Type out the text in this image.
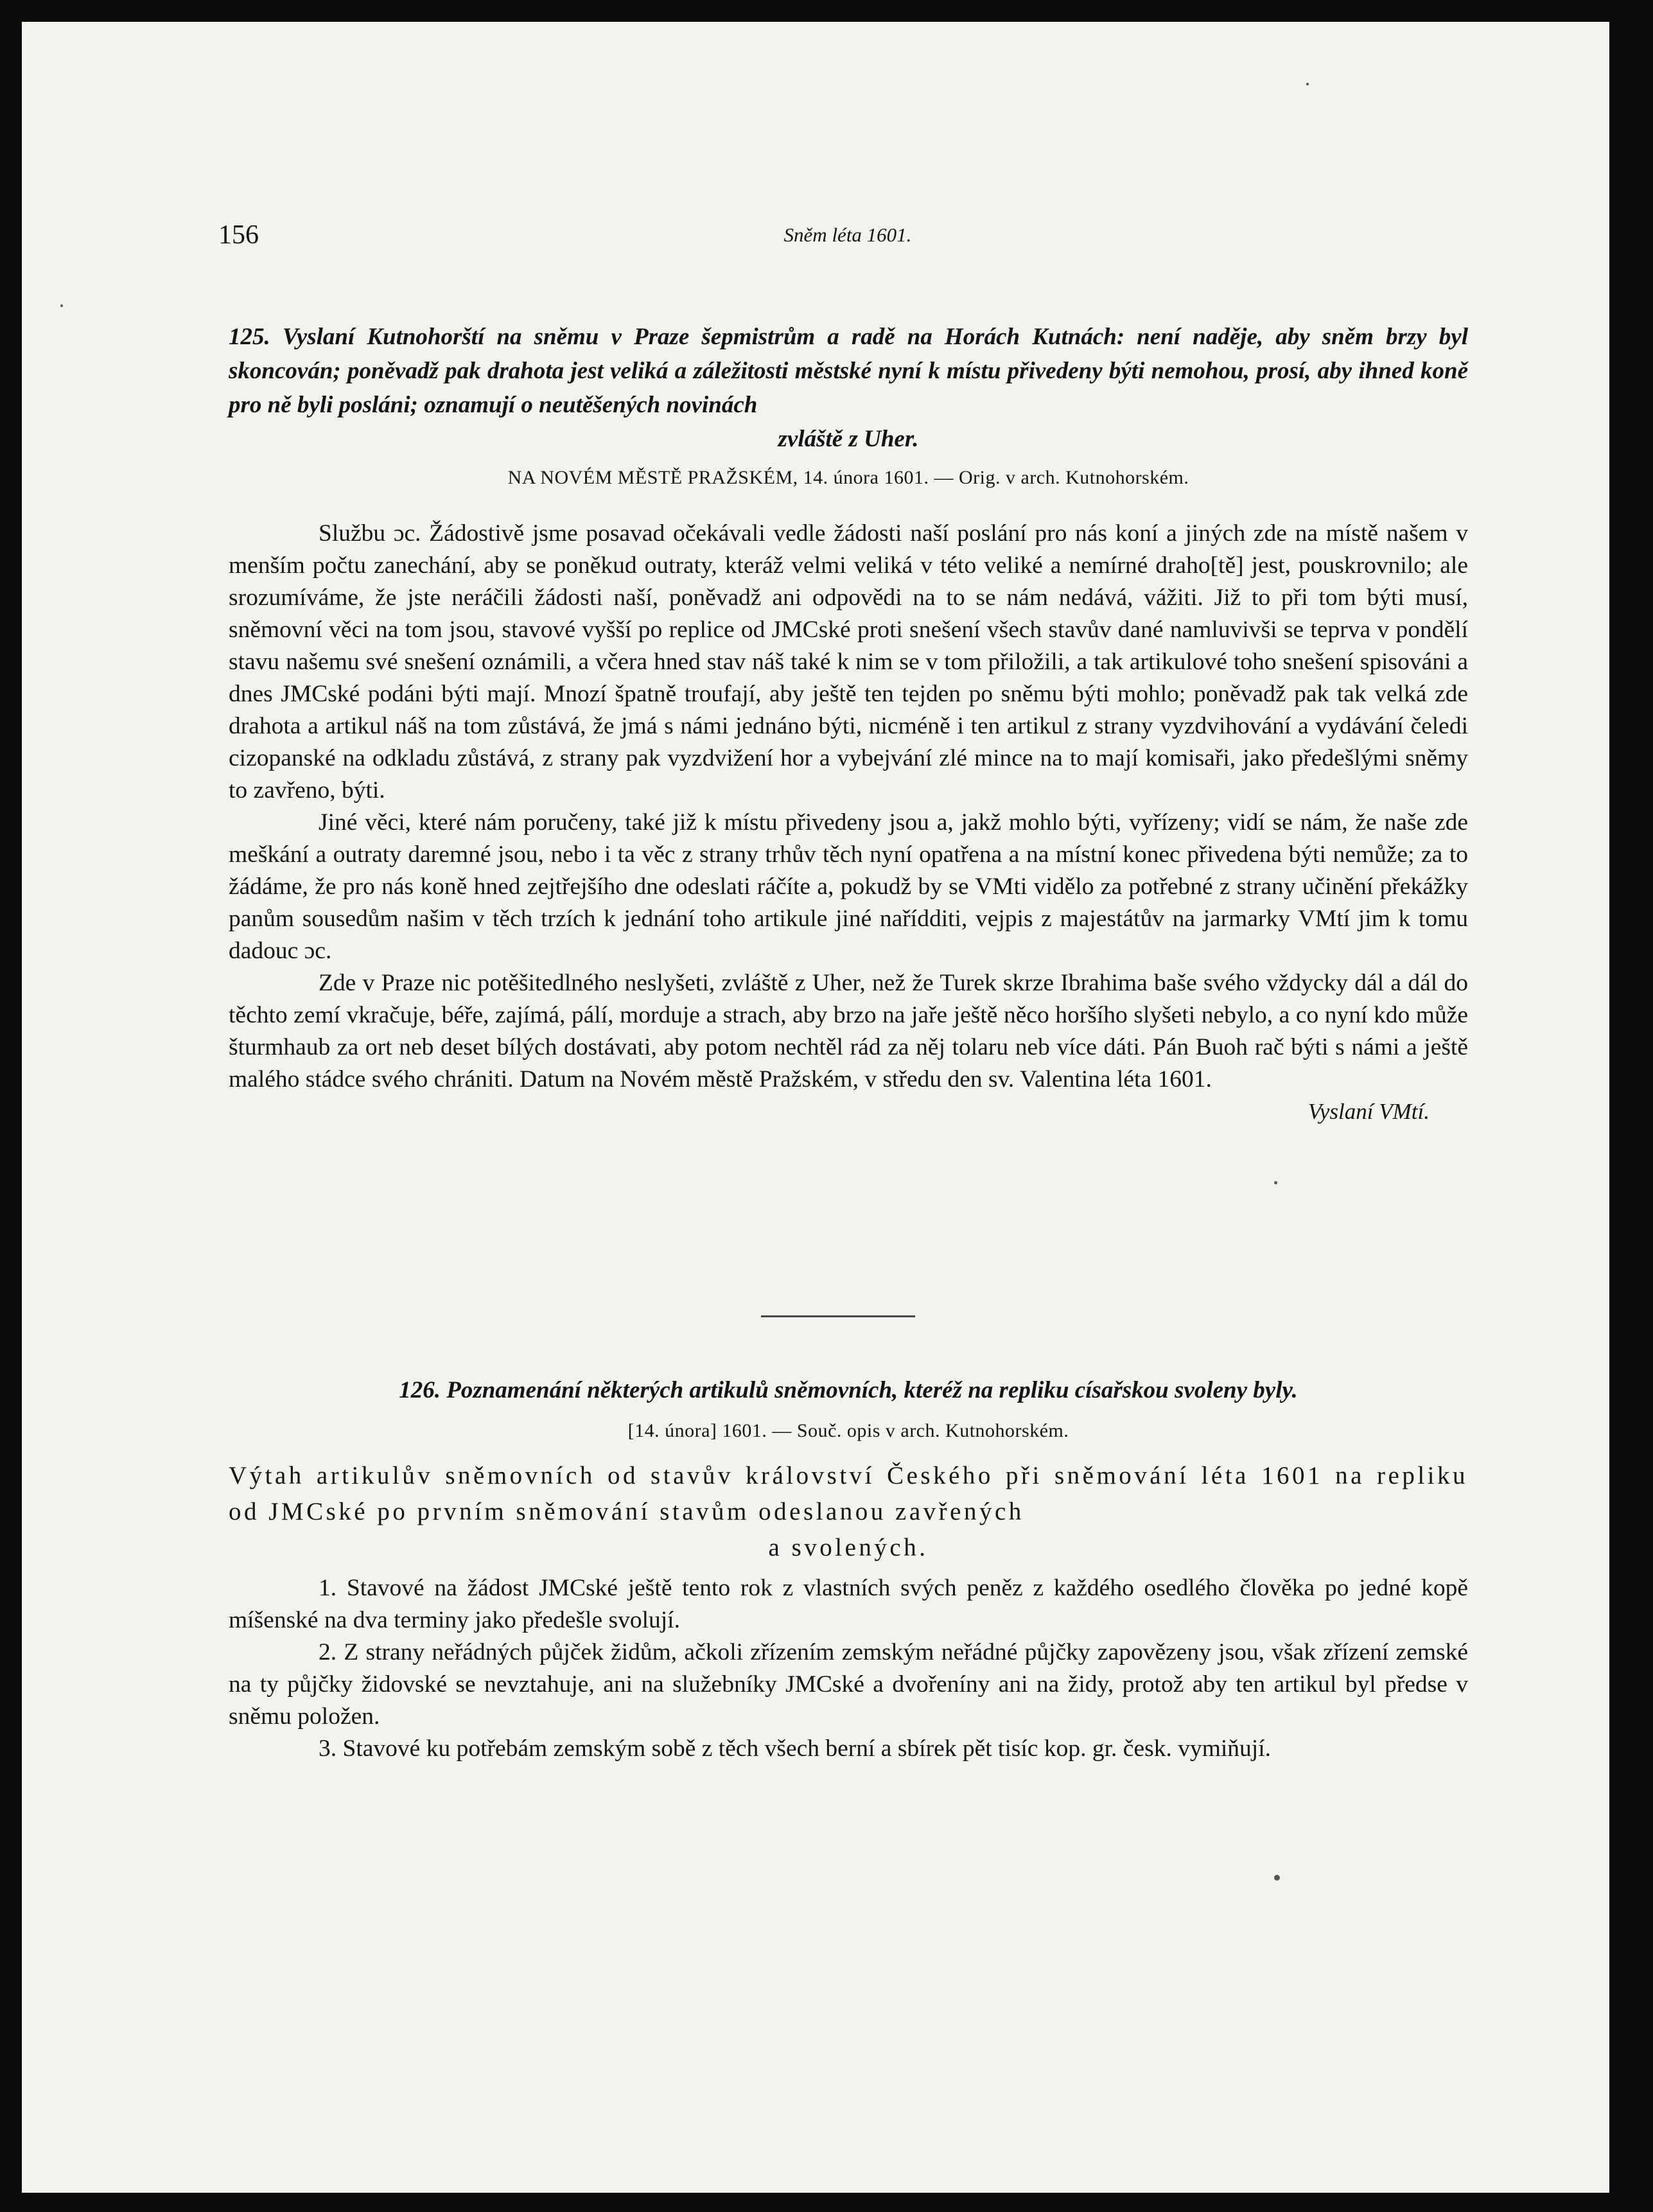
156	Sněm léta 1601.
125. Vyslaní Kutnohorští na sněmu v Praze šepmistrům a radě na Horách Kutnách: není naděje, aby sněm brzy byl skoncován; poněvadž pak drahota jest veliká a záležitosti městské nyní k místu přivedeny býti nemohou, prosí, aby ihned koně pro ně byli posláni; oznamují o neutěšených novinách
zvláště z Uher.
NA NOVÉM MĚSTĚ PRAŽSKÉM, 14. února 1601. — Orig. v arch. Kutnohorském.

Službu ɔc. Žádostivě jsme posavad očekávali vedle žádosti naší poslání pro nás koní a jiných zde na místě našem v menším počtu zanechání, aby se poněkud outraty, kteráž velmi veliká v této veliké a nemírné draho[tě] jest, pouskrovnilo; ale srozumíváme, že jste neráčili žádosti naší, poněvadž ani odpovědi na to se nám nedává, vážiti. Již to při tom býti musí, sněmovní věci na tom jsou, stavové vyšší po replice od JMCské proti snešení všech stavův dané namluvivši se teprva v pondělí stavu našemu své snešení oznámili, a včera hned stav náš také k nim se v tom přiložili, a tak artikulové toho snešení spisováni a dnes JMCské podáni býti mají. Mnozí špatně troufají, aby ještě ten tejden po sněmu býti mohlo; poněvadž pak tak velká zde drahota a artikul náš na tom zůstává, že jmá s námi jednáno býti, nicméně i ten artikul z strany vyzdvihování a vydávání čeledi cizopanské na odkladu zůstává, z strany pak vyzdvižení hor a vybejvání zlé mince na to mají komisaři, jako předešlými sněmy to zavřeno, býti.

Jiné věci, které nám poručeny, také již k místu přivedeny jsou a, jakž mohlo býti, vyřízeny; vidí se nám, že naše zde meškání a outraty daremné jsou, nebo i ta věc z strany trhův těch nyní opatřena a na místní konec přivedena býti nemůže; za to žádáme, že pro nás koně hned zejtřejšího dne odeslati ráčíte a, pokudž by se VMti vidělo za potřebné z strany učinění překážky panům sousedům našim v těch trzích k jednání toho artikule jiné nařídditi, vejpis z majestátův na jarmarky VMtí jim k tomu dadouc ɔc.

Zde v Praze nic potěšitedlného neslyšeti, zvláště z Uher, než že Turek skrze Ibrahima baše svého vždycky dál a dál do těchto zemí vkračuje, béře, zajímá, pálí, morduje a strach, aby brzo na jaře ještě něco horšího slyšeti nebylo, a co nyní kdo může šturmhaub za ort neb deset bílých dostávati, aby potom nechtěl rád za něj tolaru neb více dáti. Pán Buoh rač býti s námi a ještě malého stádce svého chrániti. Datum na Novém městě Pražském, v středu den sv. Valentina léta 1601.

Vyslaní VMtí.
126. Poznamenání některých artikulů sněmovních, kteréž na repliku císařskou svoleny byly.
[14. února] 1601. — Souč. opis v arch. Kutnohorském.
Výtah artikulův sněmovních od stavův království Českého při sněmování léta 1601 na repliku od JMCské po prvním sněmování stavům odeslanou zavřených
a svolených.

1. Stavové na žádost JMCské ještě tento rok z vlastních svých peněz z každého osedlého člověka po jedné kopě míšenské na dva terminy jako předešle svolují.

2. Z strany neřádných půjček židům, ačkoli zřízením zemským neřádné půjčky zapovězeny jsou, však zřízení zemské na ty půjčky židovské se nevztahuje, ani na služebníky JMCské a dvořeníny ani na židy, protož aby ten artikul byl předse v sněmu položen.

3. Stavové ku potřebám zemským sobě z těch všech berní a sbírek pět tisíc kop. gr. česk. vymiňují.
